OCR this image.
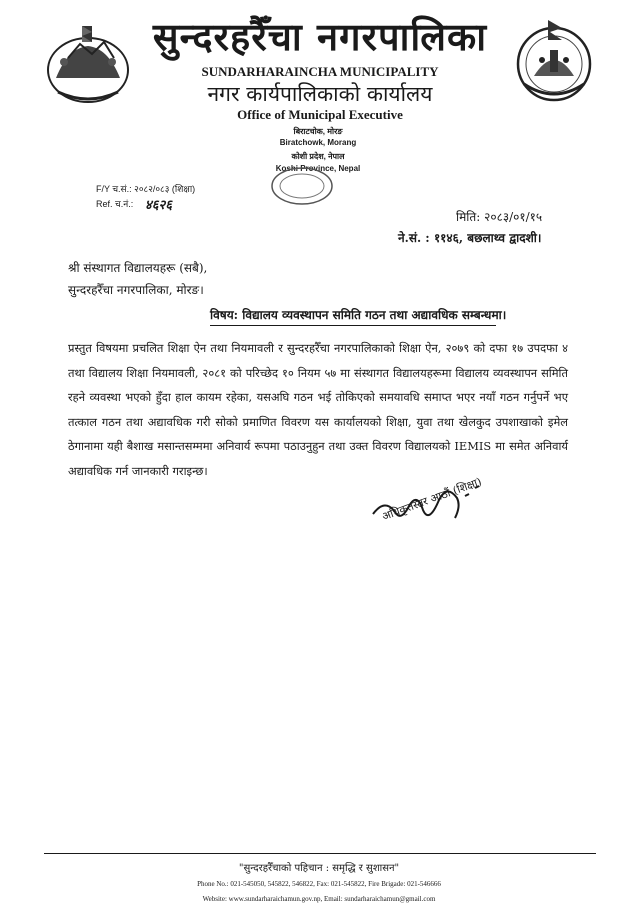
सुन्दरहरैँचा नगरपालिका
SUNDARHARAINCHA MUNICIPALITY
नगर कार्यपालिकाको कार्यालय
Office of Municipal Executive
बिराटचोक, मोरङ
Biratchowk, Morang
कोशी प्रदेश, नेपाल
Koshi Province, Nepal
F/Y च.सं.: २०८२/०८३ (शिक्षा)
Ref. च.नं.: ४६२६
मिति: २०८३/०१/१५
ने.सं. : ११४६, बछलाथ्व द्वादशी।
श्री संस्थागत विद्यालयहरू (सबै),
सुन्दरहरैँचा नगरपालिका, मोरङ।
विषय: विद्यालय व्यवस्थापन समिति गठन तथा अद्यावधिक सम्बन्धमा।
प्रस्तुत विषयमा प्रचलित शिक्षा ऐन तथा नियमावली र सुन्दरहरैँचा नगरपालिकाको शिक्षा ऐन, २०७९ को दफा १७ उपदफा ४ तथा विद्यालय शिक्षा नियमावली, २०८१ को परिच्छेद १० नियम ५७ मा संस्थागत विद्यालयहरूमा विद्यालय व्यवस्थापन समिति रहने व्यवस्था भएको हुँदा हाल कायम रहेका, यसअघि गठन भई तोकिएको समयावधि समाप्त भएर नयाँ गठन गर्नुपर्ने भए तत्काल गठन तथा अद्यावधिक गरी सोको प्रमाणित विवरण यस कार्यालयको शिक्षा, युवा तथा खेलकुद उपशाखाको इमेल ठेगानामा यही बैशाख मसान्तसम्ममा अनिवार्य रूपमा पठाउनुहुन तथा उक्त विवरण विद्यालयको IEMIS मा समेत अनिवार्य अद्यावधिक गर्न जानकारी गराइन्छ।
अधिकृतस्तर आठौं (शिक्षा)
"सुन्दरहरैँचाको पहिचान : समृद्धि र सुशासन"
Phone No.: 021-545050, 545822, 546822, Fax: 021-545822, Fire Brigade: 021-546666
Website: www.sundarharaichamun.gov.np, Email: sundarharaichamun@gmail.com
